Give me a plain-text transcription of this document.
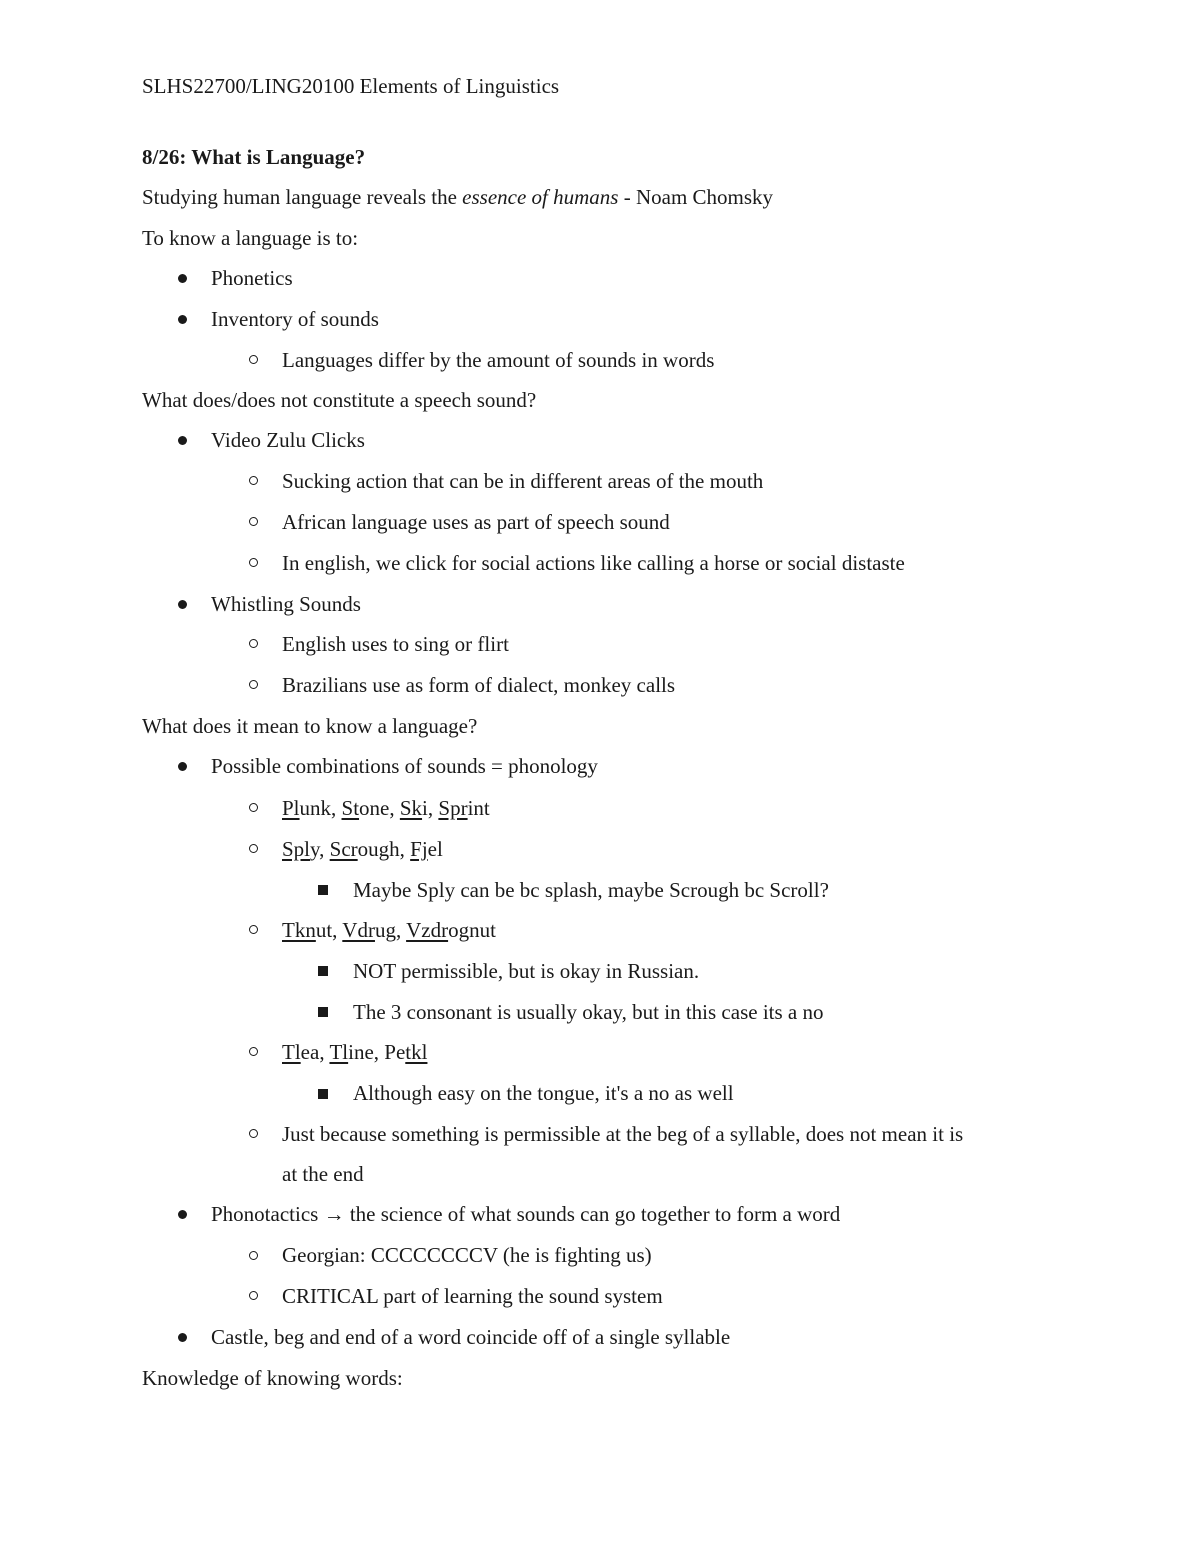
SLHS22700/LING20100 Elements of Linguistics
8/26: What is Language?
Studying human language reveals the essence of humans - Noam Chomsky
To know a language is to:
Phonetics
Inventory of sounds
Languages differ by the amount of sounds in words
What does/does not constitute a speech sound?
Video Zulu Clicks
Sucking action that can be in different areas of the mouth
African language uses as part of speech sound
In english, we click for social actions like calling a horse or social distaste
Whistling Sounds
English uses to sing or flirt
Brazilians use as form of dialect, monkey calls
What does it mean to know a language?
Possible combinations of sounds = phonology
Plunk, Stone, Ski, Sprint
Sply, Scrough, Fjel
Maybe Sply can be bc splash, maybe Scrough bc Scroll?
Tknut, Vdrug, Vzdrognut
NOT permissible, but is okay in Russian.
The 3 consonant is usually okay, but in this case its a no
Tlea, Tline, Petkl
Although easy on the tongue, it's a no as well
Just because something is permissible at the beg of a syllable, does not mean it is
at the end
Phonotactics → the science of what sounds can go together to form a word
Georgian: CCCCCCCCV (he is fighting us)
CRITICAL part of learning the sound system
Castle, beg and end of a word coincide off of a single syllable
Knowledge of knowing words:
